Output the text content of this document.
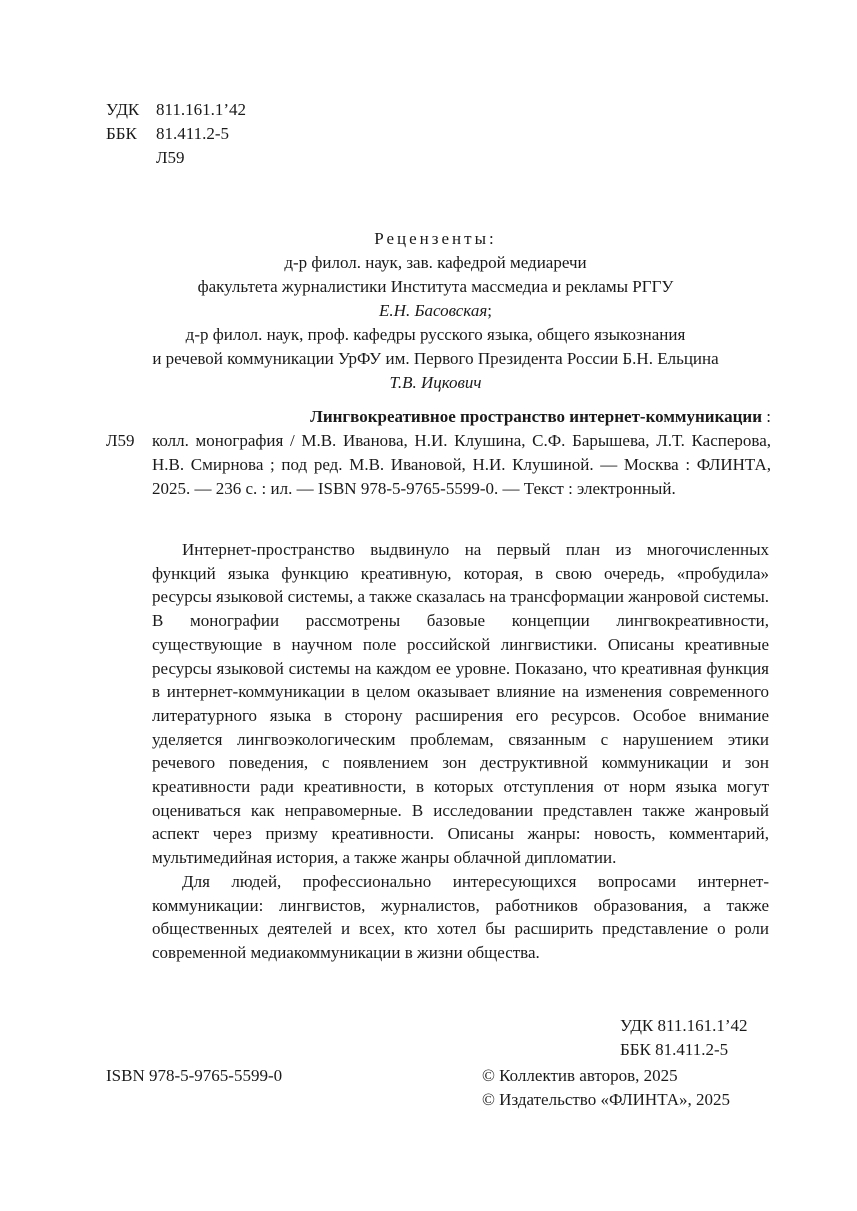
УДК 811.161.1’42
ББК	81.411.2-5
Л59
Рецензенты:
д-р филол. наук, зав. кафедрой медиаречи
факультета журналистики Института массмедиа и рекламы РГГУ
Е.Н. Басовская;
д-р филол. наук, проф. кафедры русского языка, общего языкознания
и речевой коммуникации УрФУ им. Первого Президента России Б.Н. Ельцина
Т.В. Ицкович
Лингвокреативное пространство интернет-коммуникации :
Л59	колл. монография / М.В. Иванова, Н.И. Клушина, С.Ф. Барышева, Л.Т. Касперова, Н.В. Смирнова ; под ред. М.В. Ивановой, Н.И. Клушиной. — Москва : ФЛИНТА, 2025. — 236 с. : ил. — ISBN 978-5-9765-5599-0. — Текст : электронный.

Интернет-пространство выдвинуло на первый план из многочисленных функций языка функцию креативную, которая, в свою очередь, «пробудила» ресурсы языковой системы, а также сказалась на трансформации жанровой системы. В монографии рассмотрены базовые концепции лингвокреативности, существующие в научном поле российской лингвистики. Описаны креативные ресурсы языковой системы на каждом ее уровне. Показано, что креативная функция в интернет-коммуникации в целом оказывает влияние на изменения современного литературного языка в сторону расширения его ресурсов. Особое внимание уделяется лингвоэкологическим проблемам, связанным с нарушением этики речевого поведения, с появлением зон деструктивной коммуникации и зон креативности ради креативности, в которых отступления от норм языка могут оцениваться как неправомерные. В исследовании представлен также жанровый аспект через призму креативности. Описаны жанры: новость, комментарий, мультимедийная история, а также жанры облачной дипломатии.

Для людей, профессионально интересующихся вопросами интернет-коммуникации: лингвистов, журналистов, работников образования, а также общественных деятелей и всех, кто хотел бы расширить представление о роли современной медиакоммуникации в жизни общества.

УДК 811.161.1’42
ББК 81.411.2-5
ISBN 978-5-9765-5599-0	© Коллектив авторов, 2025
© Издательство «ФЛИНТА», 2025
